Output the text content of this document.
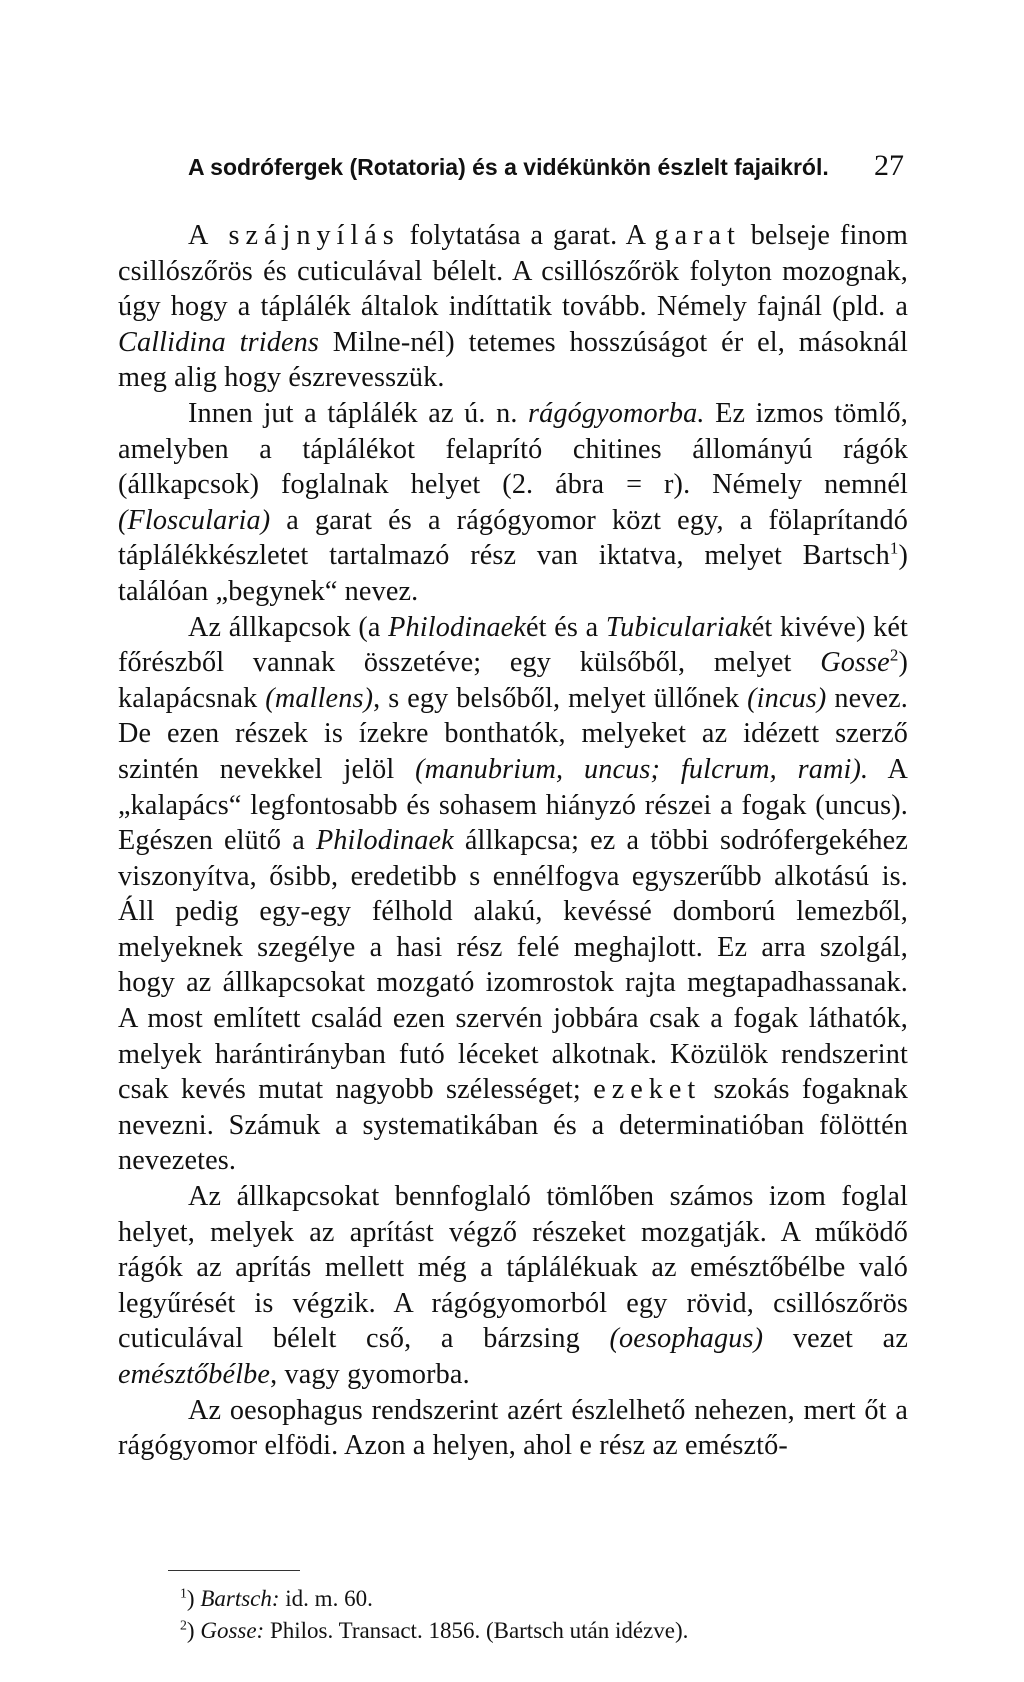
A sodrófergek (Rotatoria) és a vidékünkön észlelt fajaikról. 27

A szájnyílás folytatása a garat. A garat belseje finom csillószőrös és cuticulával bélelt. A csillószőrök folyton mozognak, úgy hogy a táplálék általok indíttatik tovább. Némely fajnál (pld. a Callidina tridens Milne-nél) tetemes hosszúságot ér el, másoknál meg alig hogy észrevesszük.

Innen jut a táplálék az ú. n. rágógyomorba. Ez izmos tömlő, amelyben a táplálékot felaprító chitines állományú rágók (állkapcsok) foglalnak helyet (2. ábra = r). Némely nemnél (Floscularia) a garat és a rágógyomor közt egy, a fölaprítandó táplálékkészletet tartalmazó rész van iktatva, melyet Bartsch$^1$) találóan „begynek“ nevez.

Az állkapcsok (a Philodinaekét és a Tubiculariakét kivéve) két főrészből vannak összetéve; egy külsőből, melyet Gosse$^2$) kalapácsnak (mallens), s egy belsőből, melyet üllőnek (incus) nevez. De ezen részek is ízekre bonthatók, melyeket az idézett szerző szintén nevekkel jelöl (manubrium, uncus; fulcrum, rami). A „kalapács“ legfontosabb és sohasem hiányzó részei a fogak (uncus). Egészen elütő a Philodinaek állkapcsa; ez a többi sodrófergekéhez viszonyítva, ősibb, eredetibb s ennélfogva egyszerűbb alkotású is. Áll pedig egy-egy félhold alakú, kevéssé domború lemezből, melyeknek szegélye a hasi rész felé meghajlott. Ez arra szolgál, hogy az állkapcsokat mozgató izomrostok rajta megtapadhassanak. A most említett család ezen szervén jobbára csak a fogak láthatók, melyek harántirányban futó léceket alkotnak. Közülök rendszerint csak kevés mutat nagyobb szélességet; ezeket szokás fogaknak nevezni. Számuk a systematikában és a determinatióban fölöttén nevezetes.

Az állkapcsokat bennfoglaló tömlőben számos izom foglal helyet, melyek az aprítást végző részeket mozgatják. A működő rágók az aprítás mellett még a táplálékuak az emésztőbélbe való legyűrését is végzik. A rágógyomorból egy rövid, csillószőrös cuticulával bélelt cső, a bárzsing (oesophagus) vezet az emésztőbélbe, vagy gyomorba.

Az oesophagus rendszerint azért észlelhető nehezen, mert őt a rágógyomor elfödi. Azon a helyen, ahol e rész az emésztő-

$^1$) Bartsch: id. m. 60.
$^2$) Gosse: Philos. Transact. 1856. (Bartsch után idézve).
